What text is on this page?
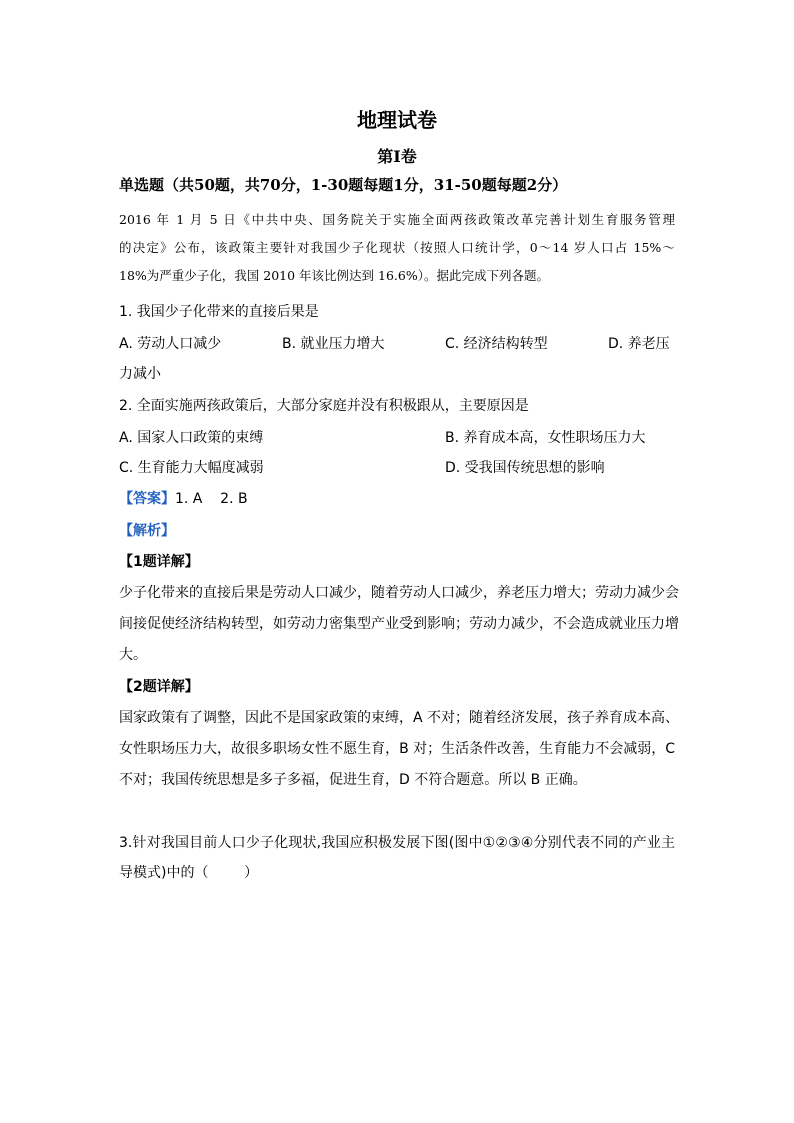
地理试卷
第I卷
单选题（共50题，共70分，1-30题每题1分，31-50题每题2分）
2016 年 1 月 5 日《中共中央、国务院关于实施全面两孩政策改革完善计划生育服务管理
的决定》公布，该政策主要针对我国少子化现状（按照人口统计学，0～14 岁人口占 15%～
18%为严重少子化，我国 2010 年该比例达到 16.6%）。据此完成下列各题。
1. 我国少子化带来的直接后果是
A. 劳动人口减少	B. 就业压力增大	C. 经济结构转型	D. 养老压
力减小
2. 全面实施两孩政策后，大部分家庭并没有积极跟从，主要原因是
A. 国家人口政策的束缚	B. 养育成本高，女性职场压力大
C. 生育能力大幅度减弱	D. 受我国传统思想的影响
【答案】1. A    2. B
【解析】
【1题详解】
少子化带来的直接后果是劳动人口减少，随着劳动人口减少，养老压力增大；劳动力减少会
间接促使经济结构转型，如劳动力密集型产业受到影响；劳动力减少，不会造成就业压力增
大。
【2题详解】
国家政策有了调整，因此不是国家政策的束缚，A 不对；随着经济发展，孩子养育成本高、
女性职场压力大，故很多职场女性不愿生育，B 对；生活条件改善，生育能力不会减弱，C
不对；我国传统思想是多子多福，促进生育，D 不符合题意。所以 B 正确。
3.针对我国目前人口少子化现状,我国应积极发展下图(图中①②③④分别代表不同的产业主
导模式)中的（        ）
